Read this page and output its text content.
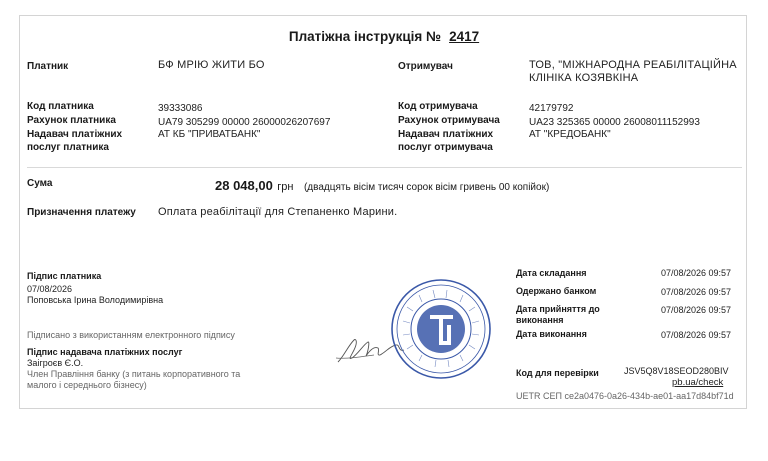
Платіжна інструкція № 2417
Платник	БФ МРІЮ ЖИТИ БО
Код платника	39333086
Рахунок платника	UA79 305299 00000 26000026207697
Надавач платіжних
послуг платника
АТ КБ "ПРИВАТБАНК"
Отримувач	ТОВ, "МІЖНАРОДНА РЕАБІЛІТАЦІЙНА
КЛІНІКА КОЗЯВКІНА
Код отримувача	42179792
Рахунок отримувача	UA23 325365 00000 26008011152993
Надавач платіжних
послуг отримувача
АТ "КРЕДОБАНК"
Сума	28 048,00 грн (двадцять вісім тисяч сорок вісім гривень 00 копійок)
Призначення платежу Оплата реабілітації для Степаненко Марини.
Підпис платника
07/08/2026
Поповська Ірина Володимирівна
Підписано з використанням електронного підпису
Підпис надавача платіжних послуг
Заігроєв Є.О.
Член Правління банку (з питань корпоративного та
малого і середнього бізнесу)
Дата складання	07/08/2026 09:57
Одержано банком	07/08/2026 09:57
Дата прийняття до
виконання
07/08/2026 09:57
Дата виконання	07/08/2026 09:57
Код для перевірки	JSV5Q8V18SEOD280BIV
pb.ua/check
UETR СЕП ce2a0476-0a26-434b-ae01-aa17d84bf71d
